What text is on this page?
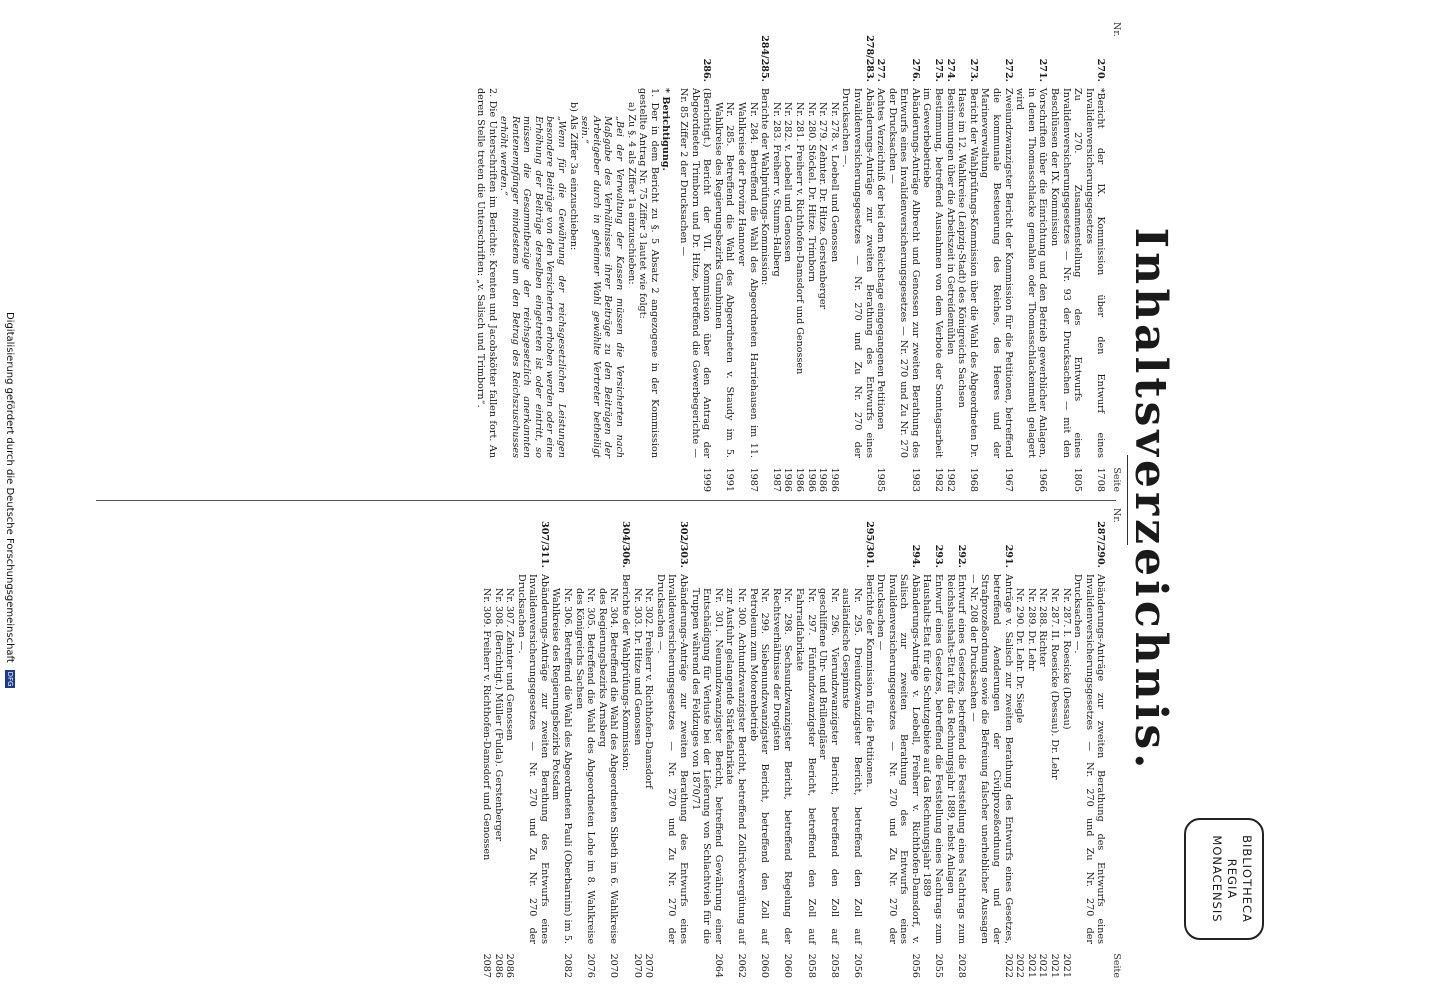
Inhaltsverzeichnis.
BIBLIOTHECA
REGIA
MONACENSIS
Nr.
Seite
270.
*Bericht der IX. Kommission über den Entwurf eines Invalidenversicherungsgesetzes
1708
Zu 270. Zusammenstellung des Entwurfs eines Invalidenversicherungsgesetzes — Nr. 93 der Drucksachen — mit den Beschlüssen der IX. Kommission
1805
271.
Vorschriften über die Einrichtung und den Betrieb gewerblicher Anlagen, in denen Thomasschlacke gemahlen oder Thomasschlackenmehl gelagert wird
1966
272.
Zweiundzwanzigster Bericht der Kommission für die Petitionen, betreffend die kommunale Besteuerung des Reiches, des Heeres und der Marineverwaltung
1967
273.
Bericht der Wahlprüfungs-Kommission über die Wahl des Abgeordneten Dr. Hasse im 12. Wahlkreise (Leipzig-Stadt) des Königreichs Sachsen
1968
274.
Bestimmungen über die Arbeitszeit in Getreidemühlen
1982
275.
Bestimmung, betreffend Ausnahmen von dem Verbote der Sonntagsarbeit im Gewerbebetriebe
1982
276.
Abänderungs-Anträge Albrecht und Genossen zur zweiten Berathung des Entwurfs eines Invalidenversicherungsgesetzes — Nr. 270 und Zu Nr. 270 der Drucksachen —
1983
277.
Achtes Verzeichniß der bei dem Reichstage eingegangenen Petitionen
1985
278/283.
Abänderungs-Anträge zur zweiten Berathung des Entwurfs eines Invalidenversicherungsgesetzes — Nr. 270 und Zu Nr. 270 der Drucksachen —.
Nr. 278. v. Loebell und Genossen
1986
Nr. 279. Zehnter. Dr. Hitze. Gerstenberger
1986
Nr. 280. Stöckel. Dr. Hitze. Trimborn
1986
Nr. 281. Freiherr v. Richthofen-Damsdorf und Genossen
1986
Nr. 282. v. Loebell und Genossen
1986
Nr. 283. Freiherr v. Stumm-Halberg
1987
284/285.
Berichte der Wahlprüfungs-Kommission:
Nr. 284. Betreffend die Wahl des Abgeordneten Harriehausen im 11. Wahlkreise der Provinz Hannover
1987
Nr. 285. Betreffend die Wahl des Abgeordneten v. Staudy im 5. Wahlkreise des Regierungsbezirks Gumbinnen
1991
286.
(Berichtigt.) Bericht der VII. Kommission über den Antrag der Abgeordneten Trimborn und Dr. Hitze, betreffend die Gewerbegerichte — Nr. 85 Ziffer 2 der Drucksachen —
1999
* Berichtigung.
1. Der in dem Bericht zu §. 5 Absatz 2 angezogene in der Kommission gestellte Antrag Nr. 75 Ziffer 3 lautet wie folgt:
a) Zu §. 4 als Ziffer 1a einzuschieben:
„Bei der Verwaltung der Kassen müssen die Versicherten nach Maßgabe des Verhältnisses ihrer Beiträge zu den Beiträgen der Arbeitgeber durch in geheimer Wahl gewählte Vertreter betheiligt sein.“
b) Als Ziffer 3a einzuschieben:
„Wenn für die Gewährung der reichsgesetzlichen Leistungen besondere Beiträge von den Versicherten erhoben werden oder eine Erhöhung der Beiträge derselben eingetreten ist oder eintritt, so müssen die Gesammtbezüge der reichsgesetzlich anerkannten Rentenempfänger mindestens um den Betrag des Reichszuschusses erhöht werden.“
2. Die Unterschriften im Berichte: Krenten und Jacobskötter fallen fort. An deren Stelle treten die Unterschriften: „v. Salisch und Trimborn“.
Nr.
Seite
287/290.
Abänderungs-Anträge zur zweiten Berathung des Entwurfs eines Invalidenversicherungsgesetzes — Nr. 270 und Zu Nr. 270 der Drucksachen —.
Nr. 287. I. Roesicke (Dessau)
2021
Nr. 287. II. Roesicke (Dessau). Dr. Lehr
2021
Nr. 288. Richter
2021
Nr. 289. Dr. Lehr
2021
Nr. 290. Dr. Lehr. Dr. Siegle
2022
291.
Anträge v. Salisch zur zweiten Berathung des Entwurfs eines Gesetzes, betreffend Aenderungen der Civilprozeßordnung und der Strafprozeßordnung sowie die Befreiung falscher unerheblicher Aussagen — Nr. 208 der Drucksachen —
2022
292.
Entwurf eines Gesetzes, betreffend die Feststellung eines Nachtrags zum Reichshaushalts-Etat für das Rechnungsjahr 1889, nebst Anlagen
2028
293.
Entwurf eines Gesetzes, betreffend die Feststellung eines Nachtrags zum Haushalts-Etat für die Schutzgebiete auf das Rechnungsjahr 1889
2055
294.
Abänderungs-Anträge v. Loebell, Freiherr v. Richthofen-Damsdorf, v. Salisch zur zweiten Berathung des Entwurfs eines Invalidenversicherungsgesetzes — Nr. 270 und Zu Nr. 270 der Drucksachen —
2056
295/301.
Berichte der Kommission für die Petitionen.
Nr. 295. Dreiundzwanzigster Bericht, betreffend den Zoll auf ausländische Gespinnste
2056
Nr. 296. Vierundzwanzigster Bericht, betreffend den Zoll auf geschliffene Uhr- und Brillengläser
2058
Nr. 297. Fünfundzwanzigster Bericht, betreffend den Zoll auf Fahrradfabrikate
2058
Nr. 298. Sechsundzwanzigster Bericht, betreffend Regelung der Rechtsverhältnisse der Drogisten
2060
Nr. 299. Siebenundzwanzigster Bericht, betreffend den Zoll auf Petroleum zum Motorenbetrieb
2060
Nr. 300. Achtundzwanzigster Bericht, betreffend Zollrückvergütung auf zur Ausfuhr gelangende Stärkefabrikate
2062
Nr. 301. Neunundzwanzigster Bericht, betreffend Gewährung einer Entschädigung für Verluste bei der Lieferung von Schlachtvieh für die Truppen während des Feldzuges von 1870/71
2064
302/303.
Abänderungs-Anträge zur zweiten Berathung des Entwurfs eines Invalidenversicherungsgesetzes — Nr. 270 und Zu Nr. 270 der Drucksachen —.
Nr. 302. Freiherr v. Richthofen-Damsdorf
2070
Nr. 303. Dr. Hitze und Genossen
2070
304/306.
Berichte der Wahlprüfungs-Kommission:
Nr. 304. Betreffend die Wahl des Abgeordneten Sibeth im 6. Wahlkreise des Regierungsbezirks Arnsberg
2070
Nr. 305. Betreffend die Wahl des Abgeordneten Lohe im 8. Wahlkreise des Königreichs Sachsen
2076
Nr. 306. Betreffend die Wahl des Abgeordneten Pauli (Oberbarnim) im 5. Wahlkreise des Regierungsbezirks Potsdam
2082
307/311.
Abänderungs-Anträge zur zweiten Berathung des Entwurfs eines Invalidenversicherungsgesetzes — Nr. 270 und Zu Nr. 270 der Drucksachen —.
Nr. 307. Zehnter und Genossen
2086
Nr. 308. (Berichtigt.) Müller (Fulda). Gerstenberger
2086
Nr. 309. Freiherr v. Richthofen-Damsdorf und Genossen
2087
Digitalisierung gefördert durch die Deutsche Forschungsgemeinschaft DFG
